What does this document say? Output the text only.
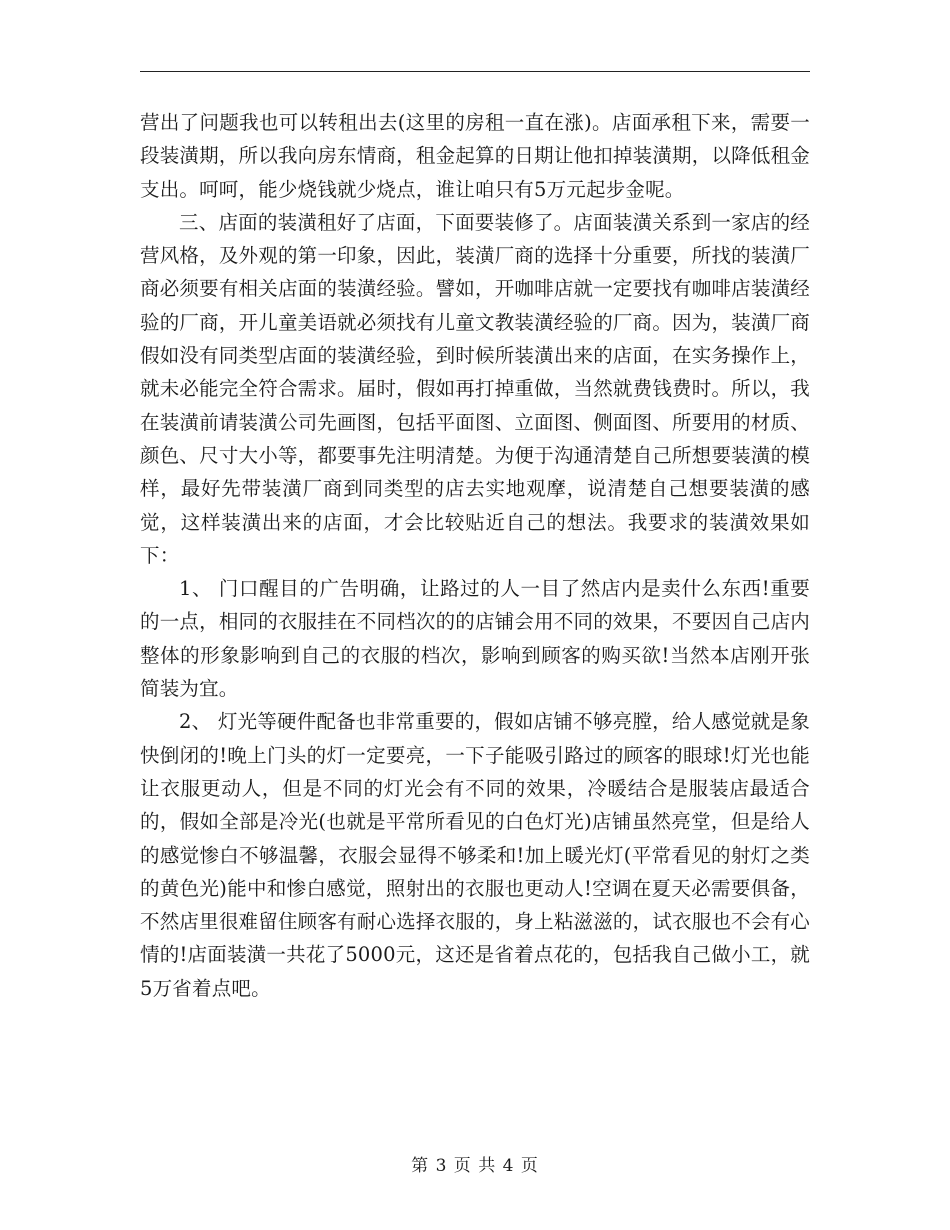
营出了问题我也可以转租出去(这里的房租一直在涨)。店面承租下来，需要一段装潢期，所以我向房东情商，租金起算的日期让他扣掉装潢期，以降低租金支出。呵呵，能少烧钱就少烧点，谁让咱只有5万元起步金呢。

三、店面的装潢租好了店面，下面要装修了。店面装潢关系到一家店的经营风格，及外观的第一印象，因此，装潢厂商的选择十分重要，所找的装潢厂商必须要有相关店面的装潢经验。譬如，开咖啡店就一定要找有咖啡店装潢经验的厂商，开儿童美语就必须找有儿童文教装潢经验的厂商。因为，装潢厂商假如没有同类型店面的装潢经验，到时候所装潢出来的店面，在实务操作上，就未必能完全符合需求。届时，假如再打掉重做，当然就费钱费时。所以，我在装潢前请装潢公司先画图，包括平面图、立面图、侧面图、所要用的材质、颜色、尺寸大小等，都要事先注明清楚。为便于沟通清楚自己所想要装潢的模样，最好先带装潢厂商到同类型的店去实地观摩，说清楚自己想要装潢的感觉，这样装潢出来的店面，才会比较贴近自己的想法。我要求的装潢效果如下：

1、 门口醒目的广告明确，让路过的人一目了然店内是卖什么东西!重要的一点，相同的衣服挂在不同档次的的店铺会用不同的效果，不要因自己店内整体的形象影响到自己的衣服的档次，影响到顾客的购买欲!当然本店刚开张简装为宜。

2、 灯光等硬件配备也非常重要的，假如店铺不够亮膛，给人感觉就是象快倒闭的!晚上门头的灯一定要亮，一下子能吸引路过的顾客的眼球!灯光也能让衣服更动人，但是不同的灯光会有不同的效果，冷暖结合是服装店最适合的，假如全部是冷光(也就是平常所看见的白色灯光)店铺虽然亮堂，但是给人的感觉惨白不够温馨，衣服会显得不够柔和!加上暖光灯(平常看见的射灯之类的黄色光)能中和惨白感觉，照射出的衣服也更动人!空调在夏天必需要俱备，不然店里很难留住顾客有耐心选择衣服的，身上粘滋滋的，试衣服也不会有心情的!店面装潢一共花了5000元，这还是省着点花的，包括我自己做小工，就5万省着点吧。

第 3 页 共 4 页
